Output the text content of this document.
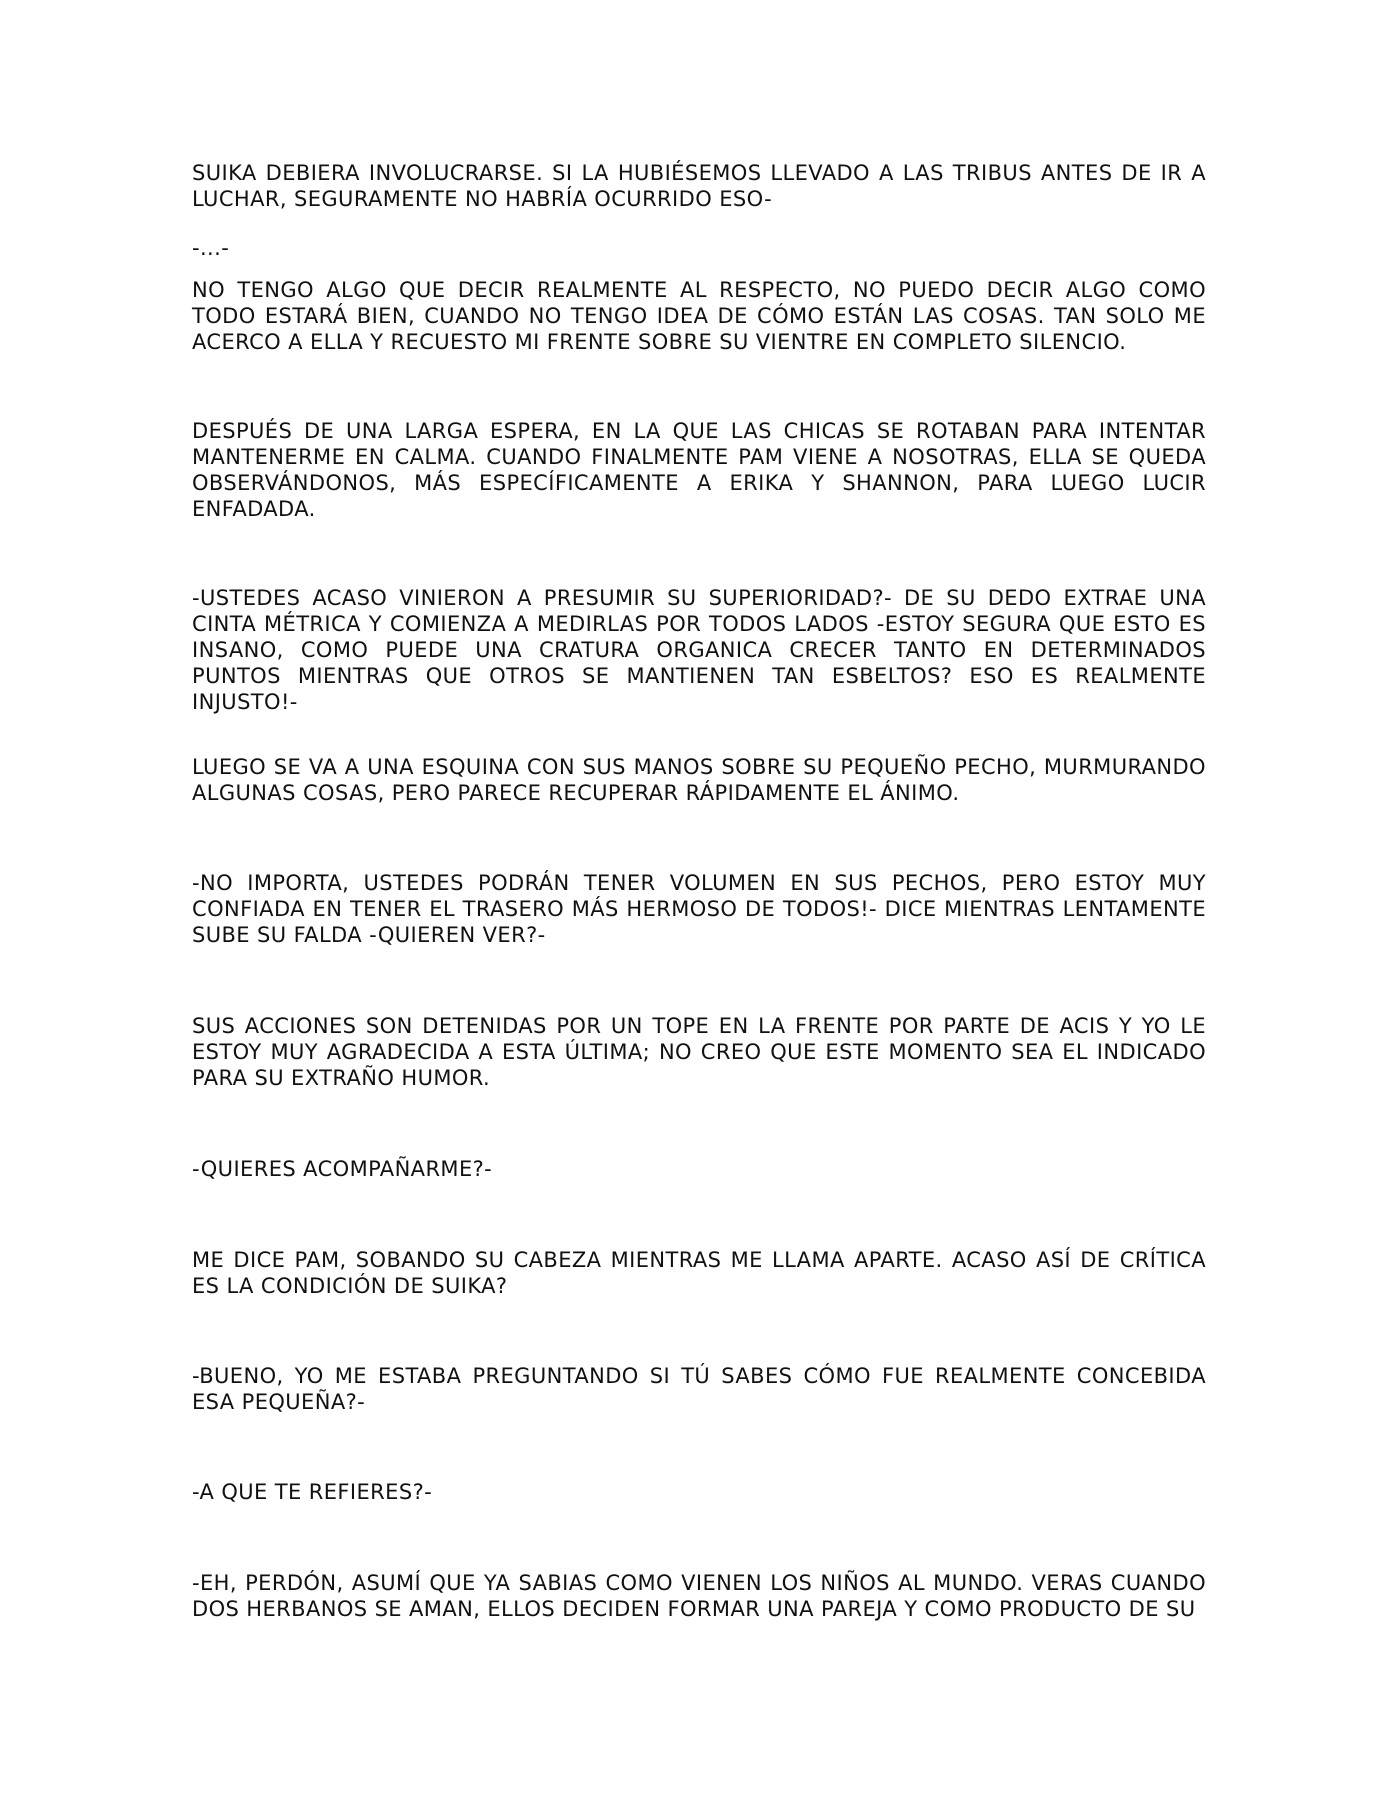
SUIKA DEBIERA INVOLUCRARSE. SI LA HUBIÉSEMOS LLEVADO A LAS TRIBUS ANTES DE IR A LUCHAR, SEGURAMENTE NO HABRÍA OCURRIDO ESO-

-...-

NO TENGO ALGO QUE DECIR REALMENTE AL RESPECTO, NO PUEDO DECIR ALGO COMO TODO ESTARÁ BIEN, CUANDO NO TENGO IDEA DE CÓMO ESTÁN LAS COSAS. TAN SOLO ME ACERCO A ELLA Y RECUESTO MI FRENTE SOBRE SU VIENTRE EN COMPLETO SILENCIO.

DESPUÉS DE UNA LARGA ESPERA, EN LA QUE LAS CHICAS SE ROTABAN PARA INTENTAR MANTENERME EN CALMA. CUANDO FINALMENTE PAM VIENE A NOSOTRAS, ELLA SE QUEDA OBSERVÁNDONOS, MÁS ESPECÍFICAMENTE A ERIKA Y SHANNON, PARA LUEGO LUCIR ENFADADA.

-USTEDES ACASO VINIERON A PRESUMIR SU SUPERIORIDAD?- DE SU DEDO EXTRAE UNA CINTA MÉTRICA Y COMIENZA A MEDIRLAS POR TODOS LADOS -ESTOY SEGURA QUE ESTO ES INSANO, COMO PUEDE UNA CRATURA ORGANICA CRECER TANTO EN DETERMINADOS PUNTOS MIENTRAS QUE OTROS SE MANTIENEN TAN ESBELTOS? ESO ES REALMENTE INJUSTO!-

LUEGO SE VA A UNA ESQUINA CON SUS MANOS SOBRE SU PEQUEÑO PECHO, MURMURANDO ALGUNAS COSAS, PERO PARECE RECUPERAR RÁPIDAMENTE EL ÁNIMO.

-NO IMPORTA, USTEDES PODRÁN TENER VOLUMEN EN SUS PECHOS, PERO ESTOY MUY CONFIADA EN TENER EL TRASERO MÁS HERMOSO DE TODOS!- DICE MIENTRAS LENTAMENTE SUBE SU FALDA -QUIEREN VER?-

SUS ACCIONES SON DETENIDAS POR UN TOPE EN LA FRENTE POR PARTE DE ACIS Y YO LE ESTOY MUY AGRADECIDA A ESTA ÚLTIMA; NO CREO QUE ESTE MOMENTO SEA EL INDICADO PARA SU EXTRAÑO HUMOR.

-QUIERES ACOMPAÑARME?-

ME DICE PAM, SOBANDO SU CABEZA MIENTRAS ME LLAMA APARTE. ACASO ASÍ DE CRÍTICA ES LA CONDICIÓN DE SUIKA?

-BUENO, YO ME ESTABA PREGUNTANDO SI TÚ SABES CÓMO FUE REALMENTE CONCEBIDA ESA PEQUEÑA?-

-A QUE TE REFIERES?-

-EH, PERDÓN, ASUMÍ QUE YA SABIAS COMO VIENEN LOS NIÑOS AL MUNDO. VERAS CUANDO DOS HERBANOS SE AMAN, ELLOS DECIDEN FORMAR UNA PAREJA Y COMO PRODUCTO DE SU
